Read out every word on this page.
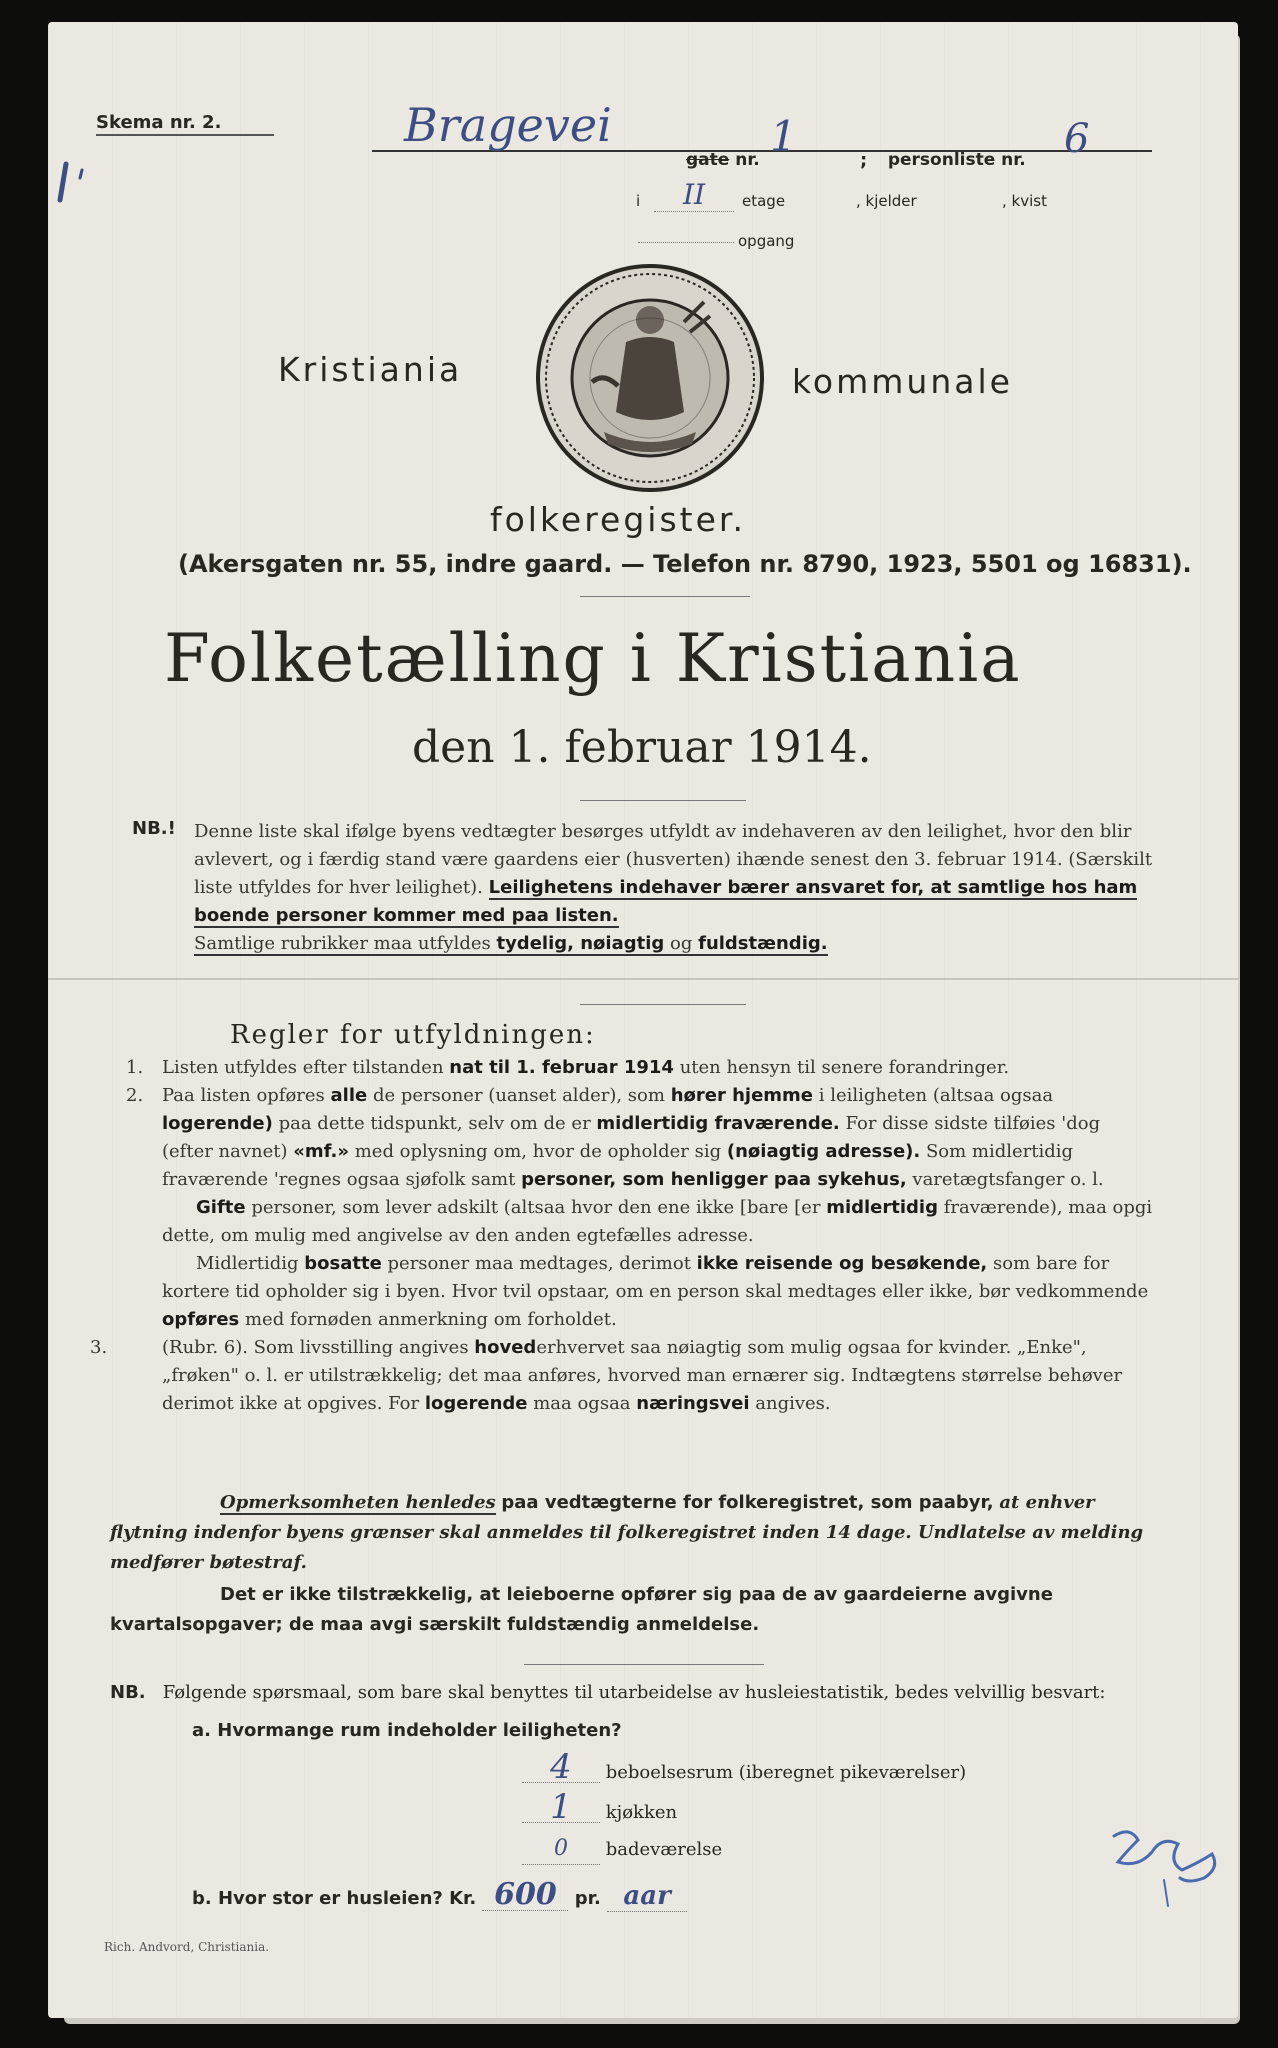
Skema nr. 2.	Bragevei
gate nr. 1	;	personliste nr. 6
i	II	etage	, kjelder	, kvist
opgang
Kristiania	kommunale
folkeregister.
(Akersgaten nr. 55, indre gaard. — Telefon nr. 8790, 1923, 5501 og 16831).
Folketælling i Kristiania
den 1. februar 1914.
NB.! Denne liste skal ifølge byens vedtægter besørges utfyldt av indehaveren av den leilighet, hvor den blir avlevert, og i færdig stand være gaardens eier (husverten) ihænde senest den 3. februar 1914. (Særskilt liste utfyldes for hver leilighet). Leilighetens indehaver bærer ansvaret for, at samtlige hos ham boende personer kommer med paa listen.
Samtlige rubrikker maa utfyldes tydelig, nøiagtig og fuldstændig.
Regler for utfyldningen:

1. Listen utfyldes efter tilstanden nat til 1. februar 1914 uten hensyn til senere forandringer.

2. Paa listen opføres alle de personer (uanset alder), som hører hjemme i leiligheten (altsaa ogsaa logerende) paa dette tidspunkt, selv om de er midlertidig fraværende. For disse sidste tilføies 'dog (efter navnet) «mf.» med oplysning om, hvor de opholder sig (nøiagtig adresse). Som midlertidig fraværende 'regnes ogsaa sjøfolk samt personer, som henligger paa sykehus, varetægtsfanger o. l.

Gifte personer, som lever adskilt (altsaa hvor den ene ikke [bare [er midlertidig fraværende), maa opgi dette, om mulig med angivelse av den anden egtefælles adresse.

Midlertidig bosatte personer maa medtages, derimot ikke reisende og besøkende, som bare for kortere tid opholder sig i byen. Hvor tvil opstaar, om en person skal medtages eller ikke, bør vedkommende opføres med fornøden anmerkning om forholdet.

3.	(Rubr. 6). Som livsstilling angives hovederhvervet saa nøiagtig som mulig ogsaa for kvinder. „Enke", „frøken" o. l. er utilstrækkelig; det maa anføres, hvorved man ernærer sig. Indtægtens størrelse behøver derimot ikke at opgives. For logerende maa ogsaa næringsvei angives.

Opmerksomheten henledes paa vedtægterne for folkeregistret, som paabyr, at enhver flytning indenfor byens grænser skal anmeldes til folkeregistret inden 14 dage. Undlatelse av melding medfører bøtestraf.
Det er ikke tilstrækkelig, at leieboerne opfører sig paa de av gaardeierne avgivne kvartalsopgaver; de maa avgi særskilt fuldstændig anmeldelse.
NB. Følgende spørsmaal, som bare skal benyttes til utarbeidelse av husleiestatistik, bedes velvillig besvart:
a. Hvormange rum indeholder leiligheten?
4 beboelsesrum (iberegnet pikeværelser)
1 kjøkken
0 badeværelse
b. Hvor stor er husleien? Kr. 600 pr. aar
Rich. Andvord, Christiania.
